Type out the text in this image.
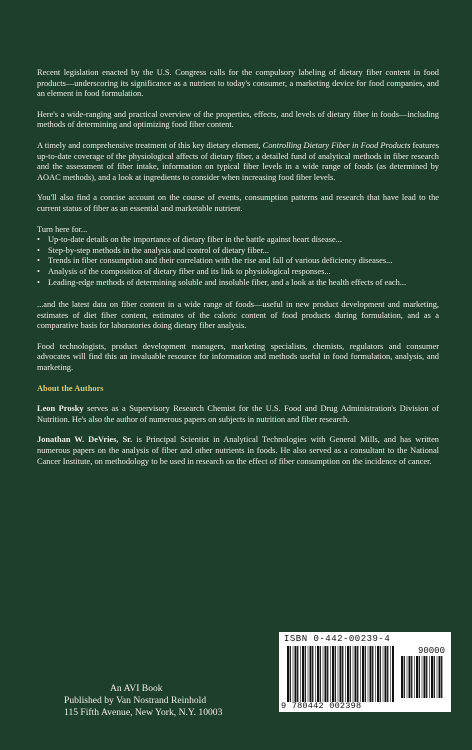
Recent legislation enacted by the U.S. Congress calls for the compulsory labeling of dietary fiber content in food products—underscoring its significance as a nutrient to today's consumer, a marketing device for food companies, and an element in food formulation.

Here's a wide-ranging and practical overview of the properties, effects, and levels of dietary fiber in foods—including methods of determining and optimizing food fiber content.

A timely and comprehensive treatment of this key dietary element, Controlling Dietary Fiber in Food Products features up-to-date coverage of the physiological affects of dietary fiber, a detailed fund of analytical methods in fiber research and the assessment of fiber intake, information on typical fiber levels in a wide range of foods (as determined by AOAC methods), and a look at ingredients to consider when increasing food fiber levels.

You'll also find a concise account on the course of events, consumption patterns and research that have lead to the current status of fiber as an essential and marketable nutrient.

Turn here for...

• Up-to-date details on the importance of dietary fiber in the battle against heart disease...
• Step-by-step methods in the analysis and control of dietary fiber...
• Trends in fiber consumption and their correlation with the rise and fall of various deficiency diseases...
• Analysis of the composition of dietary fiber and its link to physiological responses...
• Leading-edge methods of determining soluble and insoluble fiber, and a look at the health effects of each...

...and the latest data on fiber content in a wide range of foods—useful in new product development and marketing, estimates of diet fiber content, estimates of the caloric content of food products during formulation, and as a comparative basis for laboratories doing dietary fiber analysis.

Food technologists, product development managers, marketing specialists, chemists, regulators and consumer advocates will find this an invaluable resource for information and methods useful in food formulation, analysis, and marketing.

About the Authors

Leon Prosky serves as a Supervisory Research Chemist for the U.S. Food and Drug Administration's Division of Nutrition. He's also the author of numerous papers on subjects in nutrition and fiber research.

Jonathan W. DeVries, Sr. is Principal Scientist in Analytical Technologies with General Mills, and has written numerous papers on the analysis of fiber and other nutrients in foods. He also served as a consultant to the National Cancer Institute, on methodology to be used in research on the effect of fiber consumption on the incidence of cancer.

An AVI Book
Published by Van Nostrand Reinhold
115 Fifth Avenue, New York, N.Y. 10003
ISBN 0-442-00239-4
90000
9 780442 002398
